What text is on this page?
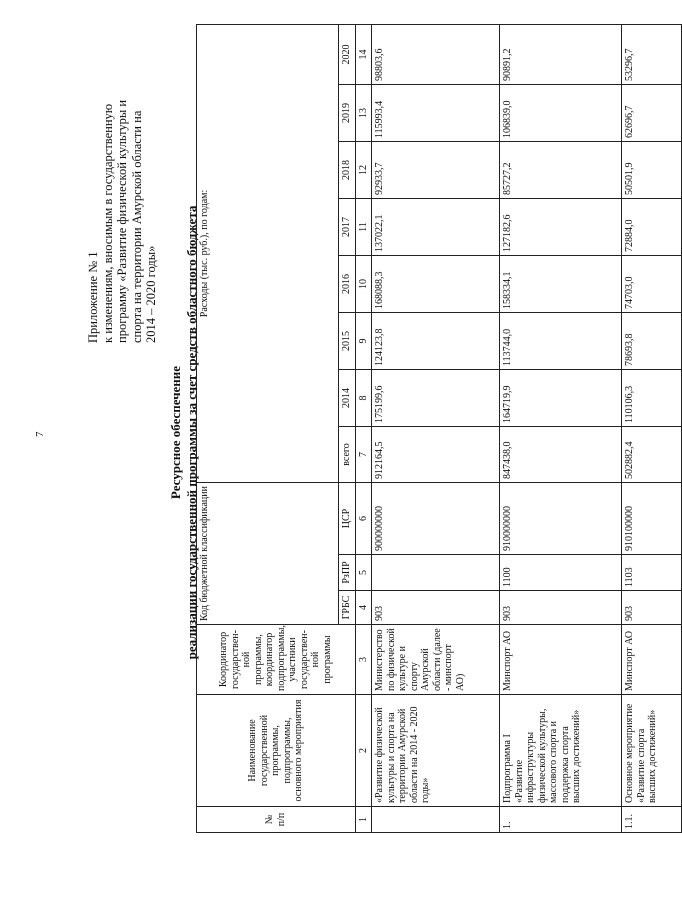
7
Приложение № 1 к изменениям, вносимым в государственную программу «Развитие физической культуры и спорта на территории Амурской области на 2014 – 2020 годы»
Ресурсное обеспечение реализации государственной программы за счет средств областного бюджета
№ п/п	Наименование государственной программы, подпрограммы, основного мероприятия	Координатор государствен-ной программы, координатор подпрограммы, участники государствен-ной программы	Код бюджетной классификации			Расходы (тыс. руб.), по годам:							
			ГРБС	РзПР	ЦСР	всего	2014	2015	2016	2017	2018	2019	2020
1	2	3	4	5	6	7	8	9	10	11	12	13	14
	«Развитие физической культуры и спорта на территории Амурской области на 2014 - 2020 годы»	Министерство по физической культуре и спорту Амурской области (далее - минспорт АО)	903		900000000	912164,5	175199,6	124123,8	168088,3	137022,1	92933,7	115993,4	98803,6
1.	Подпрограмма I «Развитие инфраструктуры физической культуры, массового спорта и поддержка спорта высших достижений»	Минспорт АО	903	1100	910000000	847438,0	164719,9	113744,0	158334,1	127182,6	85727,2	106839,0	90891,2
1.1.	Основное мероприятие «Развитие спорта высших достижений»	Минспорт АО	903	1103	910100000	502882,4	110106,3	78693,8	74703,0	72884,0	50501,9	62696,7	53296,7
